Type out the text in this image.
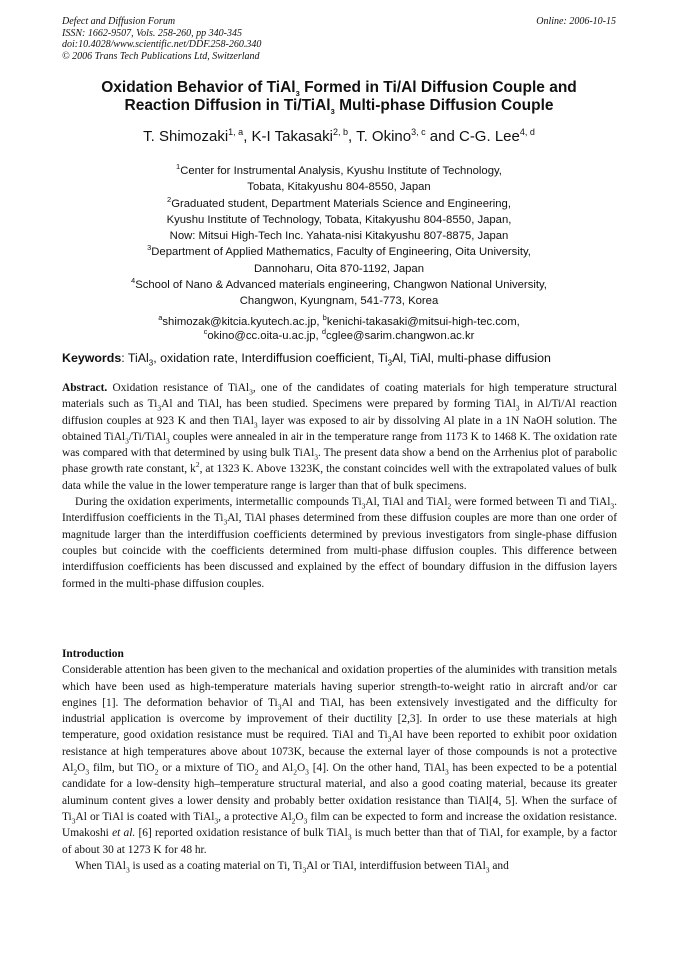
Defect and Diffusion Forum
ISSN: 1662-9507, Vols. 258-260, pp 340-345
doi:10.4028/www.scientific.net/DDF.258-260.340
© 2006 Trans Tech Publications Ltd, Switzerland
Online: 2006-10-15
Oxidation Behavior of TiAl$_3$ Formed in Ti/Al Diffusion Couple and
Reaction Diffusion in Ti/TiAl$_3$ Multi-phase Diffusion Couple
T. Shimozaki$^{1, a}$, K-I Takasaki$^{2, b}$, T. Okino$^{3, c}$ and C-G. Lee$^{4, d}$
$^1$Center for Instrumental Analysis, Kyushu Institute of Technology,
Tobata, Kitakyushu 804-8550, Japan
$^2$Graduated student, Department Materials Science and Engineering,
Kyushu Institute of Technology, Tobata, Kitakyushu 804-8550, Japan,
Now: Mitsui High-Tech Inc. Yahata-nisi Kitakyushu 807-8875, Japan
$^3$Department of Applied Mathematics, Faculty of Engineering, Oita University,
Dannoharu, Oita 870-1192, Japan
$^4$School of Nano & Advanced materials engineering, Changwon National University,
Changwon, Kyungnam, 541-773, Korea
$^a$shimozak@kitcia.kyutech.ac.jp, $^b$kenichi-takasaki@mitsui-high-tec.com,
$^c$okino@cc.oita-u.ac.jp, $^d$cglee@sarim.changwon.ac.kr
Keywords: TiAl$_3$, oxidation rate, Interdiffusion coefficient, $Ti_3Al$, TiAl, multi-phase diffusion

Abstract. Oxidation resistance of TiAl$_3$, one of the candidates of coating materials for high temperature structural materials such as $Ti_3Al$ and TiAl, has been studied. Specimens were prepared by forming TiAl$_3$ in Al/Ti/Al reaction diffusion couples at 923 K and then TiAl$_3$ layer was exposed to air by dissolving Al plate in a 1N NaOH solution. The obtained TiAl$_3$/Ti/TiAl$_3$ couples were annealed in air in the temperature range from 1173 K to 1468 K. The oxidation rate was compared with that determined by using bulk TiAl$_3$. The present data show a bend on the Arrhenius plot of parabolic phase growth rate constant, $k^2$, at 1323 K. Above 1323K, the constant coincides well with the extrapolated values of bulk data while the value in the lower temperature range is larger than that of bulk specimens.

During the oxidation experiments, intermetallic compounds $Ti_3Al$, TiAl and TiAl$_2$ were formed between Ti and TiAl$_3$. Interdiffusion coefficients in the $Ti_3Al$, TiAl phases determined from these diffusion couples are more than one order of magnitude larger than the interdiffusion coefficients determined by previous investigators from single-phase diffusion couples but coincide with the coefficients determined from multi-phase diffusion couples. This difference between interdiffusion coefficients has been discussed and explained by the effect of boundary diffusion in the diffusion layers formed in the multi-phase diffusion couples.

Introduction

Considerable attention has been given to the mechanical and oxidation properties of the aluminides with transition metals which have been used as high-temperature materials having superior strength-to-weight ratio in aircraft and/or car engines [1]. The deformation behavior of $Ti_3Al$ and TiAl, has been extensively investigated and the difficulty for industrial application is overcome by improvement of their ductility [2,3]. In order to use these materials at high temperature, good oxidation resistance must be required. TiAl and $Ti_3Al$ have been reported to exhibit poor oxidation resistance at high temperatures above about 1073K, because the external layer of those compounds is not a protective $Al_2O_3$ film, but TiO$_2$ or a mixture of TiO$_2$ and $Al_2O_3$ [4]. On the other hand, TiAl$_3$ has been expected to be a potential candidate for a low-density high–temperature structural material, and also a good coating material, because its greater aluminum content gives a lower density and probably better oxidation resistance than TiAl[4, 5]. When the surface of $Ti_3Al$ or TiAl is coated with TiAl$_3$, a protective $Al_2O_3$ film can be expected to form and increase the oxidation resistance. Umakoshi et al. [6] reported oxidation resistance of bulk TiAl$_3$ is much better than that of TiAl, for example, by a factor of about 30 at 1273 K for 48 hr.

When TiAl$_3$ is used as a coating material on Ti, $Ti_3Al$ or TiAl, interdiffusion between TiAl$_3$ and
